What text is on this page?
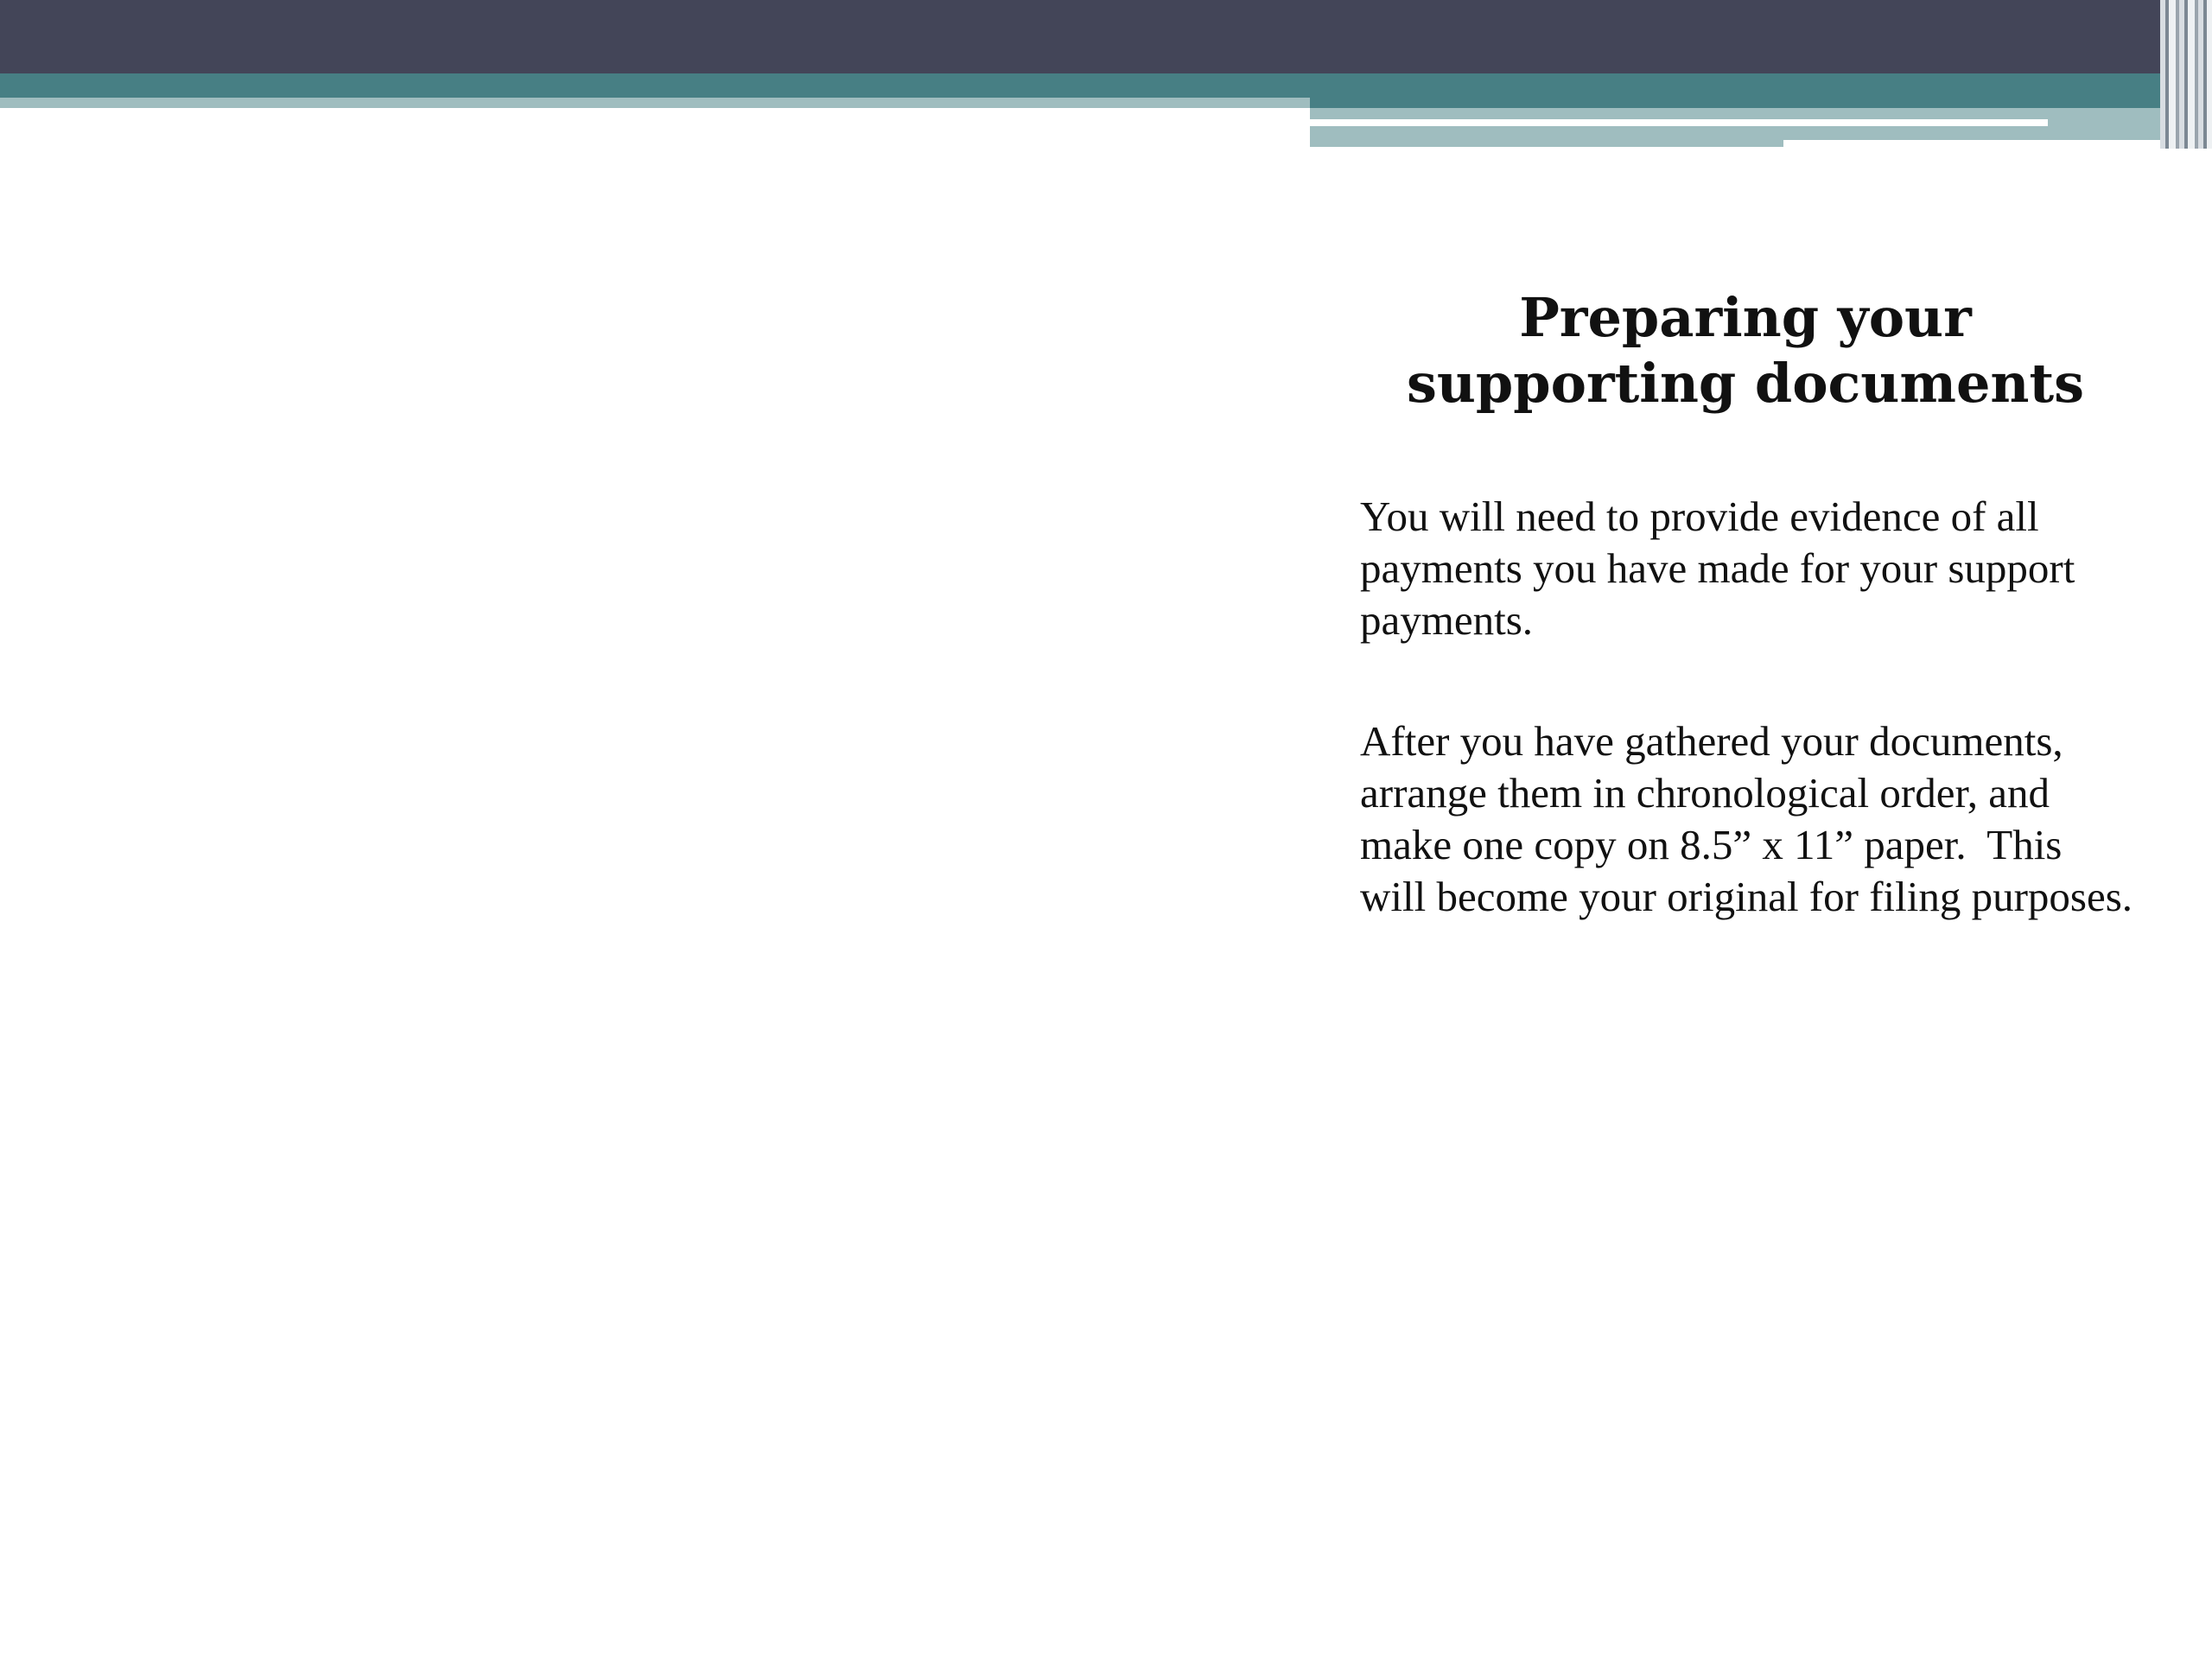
Preparing your supporting documents

You will need to provide evidence of all payments you have made for your support payments.

After you have gathered your documents, arrange them in chronological order, and make one copy on 8.5” x 11” paper.  This will become your original for filing purposes.
